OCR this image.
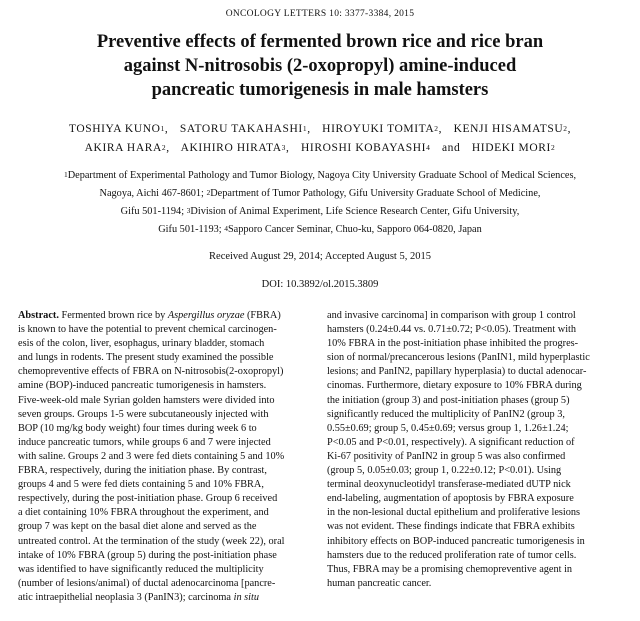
ONCOLOGY LETTERS 10: 3377-3384, 2015
Preventive effects of fermented brown rice and rice bran
against N-nitrosobis (2-oxopropyl) amine-induced
pancreatic tumorigenesis in male hamsters
TOSHIYA KUNO$^1$, SATORU TAKAHASHI$^1$, HIROYUKI TOMITA$^2$, KENJI HISAMATSU$^2$,
AKIRA HARA$^2$, AKIHIRO HIRATA$^3$, HIROSHI KOBAYASHI$^4$ and HIDEKI MORI$^2$
$^1$Department of Experimental Pathology and Tumor Biology, Nagoya City University Graduate School of Medical Sciences,
Nagoya, Aichi 467-8601; $^2$Department of Tumor Pathology, Gifu University Graduate School of Medicine,
Gifu 501-1194; $^3$Division of Animal Experiment, Life Science Research Center, Gifu University,
Gifu 501-1193; $^4$Sapporo Cancer Seminar, Chuo-ku, Sapporo 064-0820, Japan
Received August 29, 2014; Accepted August 5, 2015
DOI: 10.3892/ol.2015.3809
Abstract. Fermented brown rice by Aspergillus oryzae (FBRA)
is known to have the potential to prevent chemical carcinogen-
esis of the colon, liver, esophagus, urinary bladder, stomach
and lungs in rodents. The present study examined the possible
chemopreventive effects of FBRA on N-nitrosobis(2-oxopropyl)
amine (BOP)-induced pancreatic tumorigenesis in hamsters.
Five-week-old male Syrian golden hamsters were divided into
seven groups. Groups 1-5 were subcutaneously injected with
BOP (10 mg/kg body weight) four times during week 6 to
induce pancreatic tumors, while groups 6 and 7 were injected
with saline. Groups 2 and 3 were fed diets containing 5 and 10%
FBRA, respectively, during the initiation phase. By contrast,
groups 4 and 5 were fed diets containing 5 and 10% FBRA,
respectively, during the post-initiation phase. Group 6 received
a diet containing 10% FBRA throughout the experiment, and
group 7 was kept on the basal diet alone and served as the
untreated control. At the termination of the study (week 22), oral
intake of 10% FBRA (group 5) during the post-initiation phase
was identified to have significantly reduced the multiplicity
(number of lesions/animal) of ductal adenocarcinoma [pancre-
atic intraepithelial neoplasia 3 (PanIN3); carcinoma in situ
and invasive carcinoma] in comparison with group 1 control
hamsters (0.24±0.44 vs. 0.71±0.72; P<0.05). Treatment with
10% FBRA in the post-initiation phase inhibited the progres-
sion of normal/precancerous lesions (PanIN1, mild hyperplastic
lesions; and PanIN2, papillary hyperplasia) to ductal adenocar-
cinomas. Furthermore, dietary exposure to 10% FBRA during
the initiation (group 3) and post-initiation phases (group 5)
significantly reduced the multiplicity of PanIN2 (group 3,
0.55±0.69; group 5, 0.45±0.69; versus group 1, 1.26±1.24;
P<0.05 and P<0.01, respectively). A significant reduction of
Ki-67 positivity of PanIN2 in group 5 was also confirmed
(group 5, 0.05±0.03; group 1, 0.22±0.12; P<0.01). Using
terminal deoxynucleotidyl transferase-mediated dUTP nick
end-labeling, augmentation of apoptosis by FBRA exposure
in the non-lesional ductal epithelium and proliferative lesions
was not evident. These findings indicate that FBRA exhibits
inhibitory effects on BOP-induced pancreatic tumorigenesis in
hamsters due to the reduced proliferation rate of tumor cells.
Thus, FBRA may be a promising chemopreventive agent in
human pancreatic cancer.
